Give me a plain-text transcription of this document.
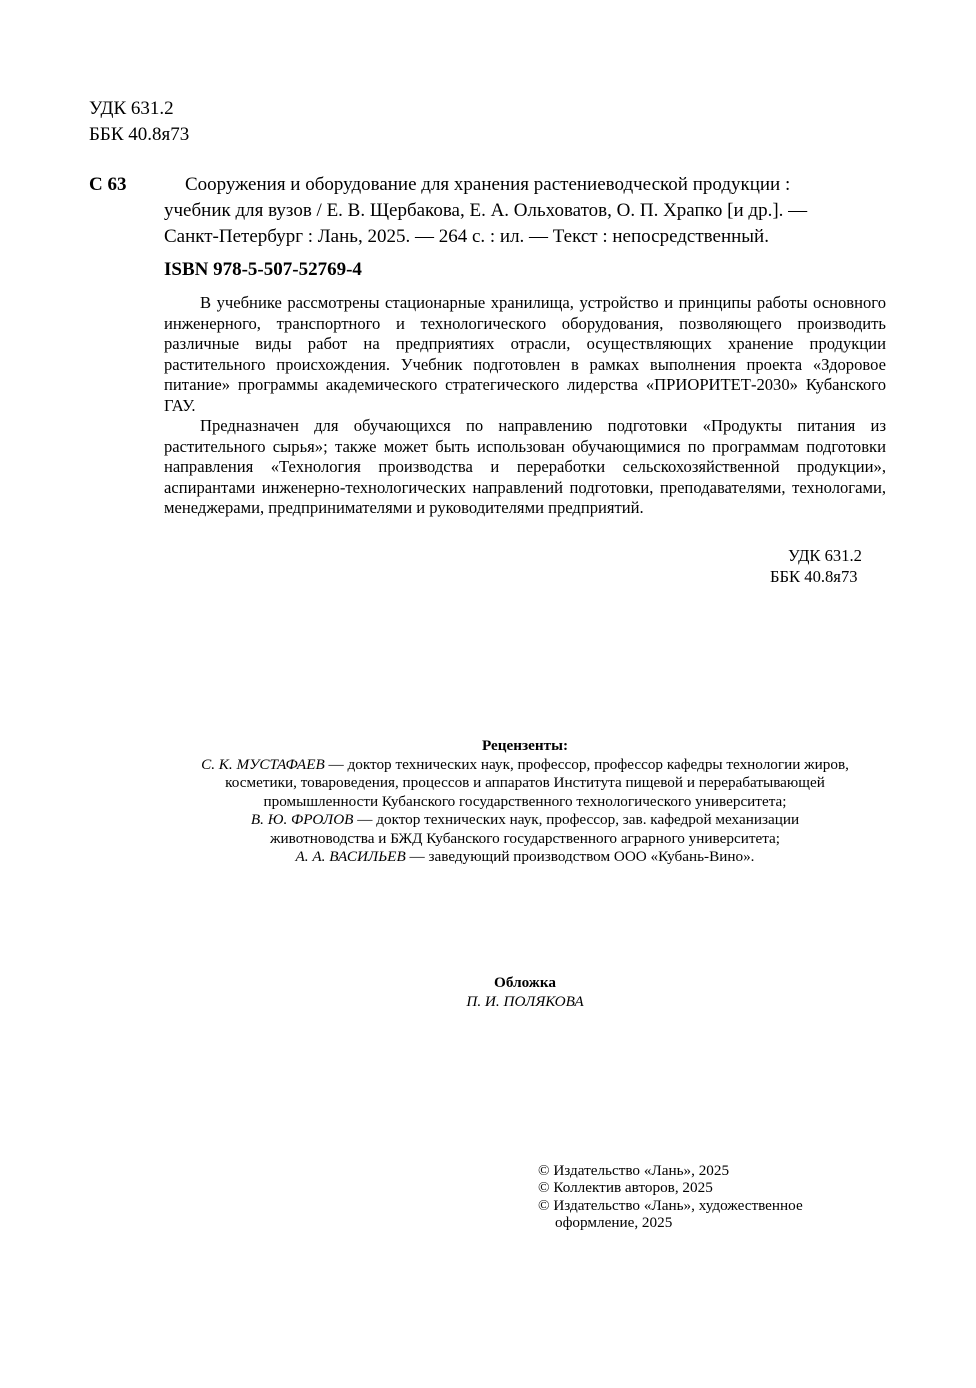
УДК 631.2
ББК 40.8я73
С 63	Сооружения и оборудование для хранения растениеводческой продукции :
учебник для вузов / Е. В. Щербакова, Е. А. Ольховатов, О. П. Храпко [и др.]. —
Санкт-Петербург : Лань, 2025. — 264 с. : ил. — Текст : непосредственный.
ISBN 978-5-507-52769-4

В учебнике рассмотрены стационарные хранилища, устройство и принципы работы основного инженерного, транспортного и технологического оборудования, позволяющего производить различные виды работ на предприятиях отрасли, осуществляющих хранение продукции растительного происхождения. Учебник подготовлен в рамках выполнения проекта «Здоровое питание» программы академического стратегического лидерства «ПРИОРИТЕТ-2030» Кубанского ГАУ.

Предназначен для обучающихся по направлению подготовки «Продукты питания из растительного сырья»; также может быть использован обучающимися по программам подготовки направления «Технология производства и переработки сельскохозяйственной продукции», аспирантами инженерно-технологических направлений подготовки, преподавателями, технологами, менеджерами, предпринимателями и руководителями предприятий.

УДК 631.2
ББК 40.8я73
Рецензенты:
С. К. МУСТАФАЕВ — доктор технических наук, профессор, профессор кафедры технологии жиров,
косметики, товароведения, процессов и аппаратов Института пищевой и перерабатывающей
промышленности Кубанского государственного технологического университета;
В. Ю. ФРОЛОВ — доктор технических наук, профессор, зав. кафедрой механизации
животноводства и БЖД Кубанского государственного аграрного университета;
А. А. ВАСИЛЬЕВ — заведующий производством ООО «Кубань-Вино».
Обложка
П. И. ПОЛЯКОВА
© Издательство «Лань», 2025
© Коллектив авторов, 2025
© Издательство «Лань», художественное
оформление, 2025
